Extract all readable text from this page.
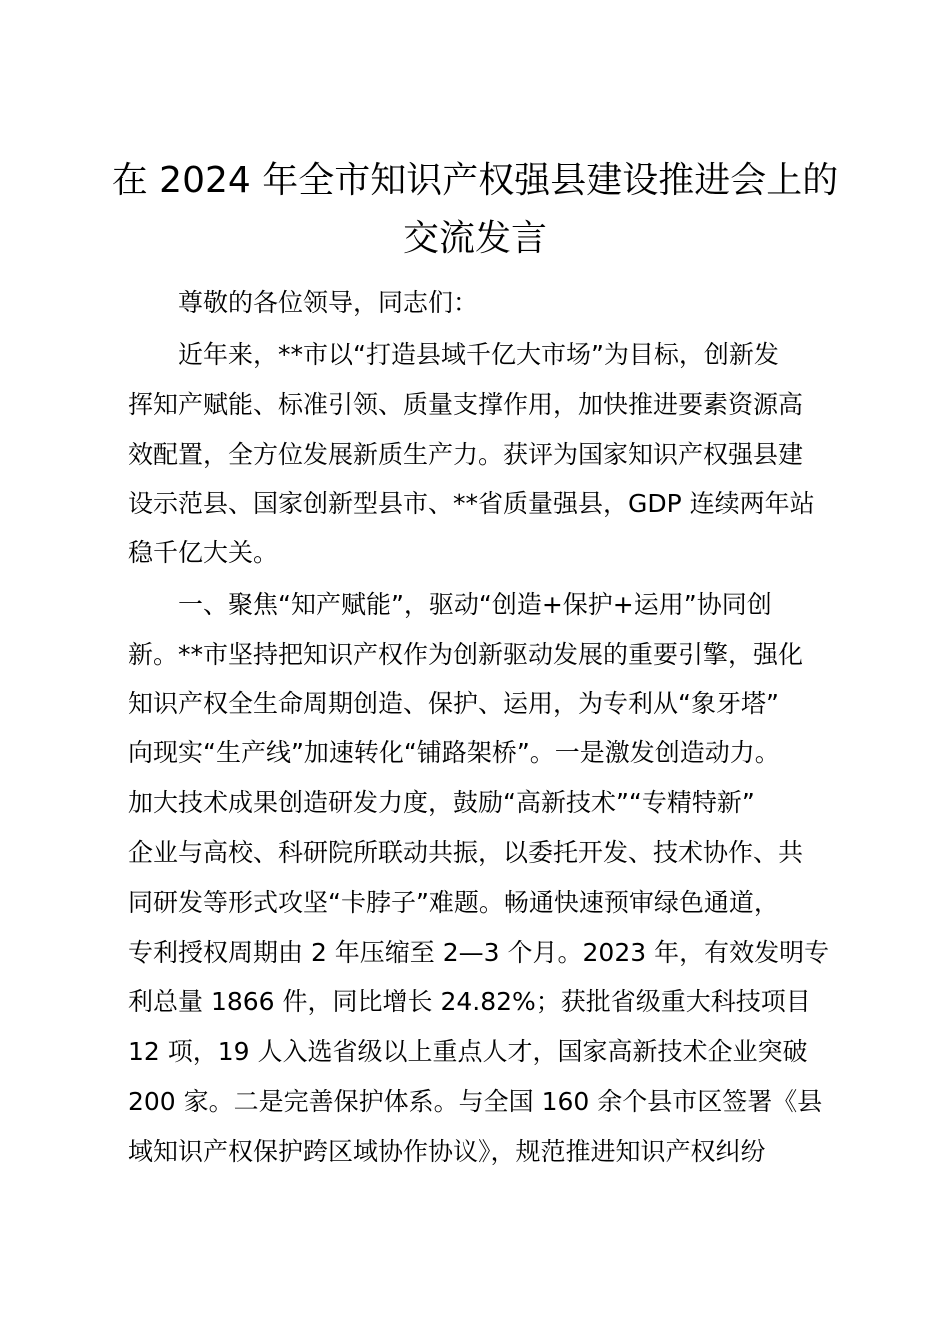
在 2024 年全市知识产权强县建设推进会上的
交流发言

尊敬的各位领导，同志们：

近年来，**市以“打造县域千亿大市场”为目标，创新发

挥知产赋能、标准引领、质量支撑作用，加快推进要素资源高

效配置，全方位发展新质生产力。获评为国家知识产权强县建

设示范县、国家创新型县市、**省质量强县，GDP 连续两年站

稳千亿大关。

一、聚焦“知产赋能”，驱动“创造+保护+运用”协同创

新。**市坚持把知识产权作为创新驱动发展的重要引擎，强化

知识产权全生命周期创造、保护、运用，为专利从“象牙塔”

向现实“生产线”加速转化“铺路架桥”。一是激发创造动力。

加大技术成果创造研发力度，鼓励“高新技术”“专精特新”

企业与高校、科研院所联动共振，以委托开发、技术协作、共

同研发等形式攻坚“卡脖子”难题。畅通快速预审绿色通道，

专利授权周期由 2 年压缩至 2—3 个月。2023 年，有效发明专

利总量 1866 件，同比增长 24.82%；获批省级重大科技项目

12 项，19 人入选省级以上重点人才，国家高新技术企业突破

200 家。二是完善保护体系。与全国 160 余个县市区签署《县

域知识产权保护跨区域协作协议》，规范推进知识产权纠纷
